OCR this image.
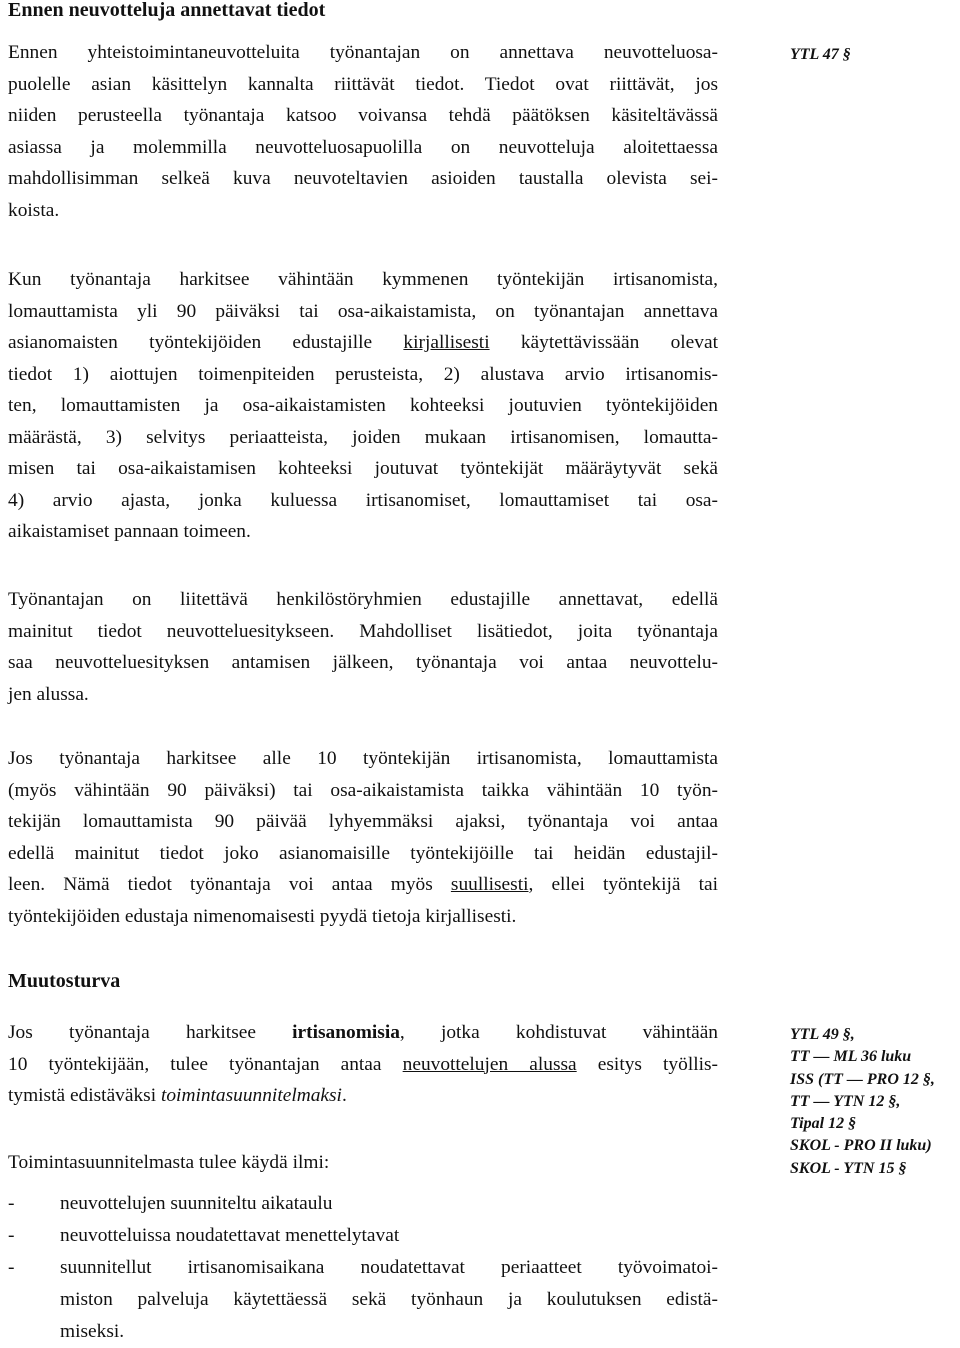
Ennen neuvotteluja annettavat tiedot
YTL 47 §
Ennen yhteistoimintaneuvotteluita työnantajan on annettava neuvotteluosa-
puolelle asian käsittelyn kannalta riittävät tiedot. Tiedot ovat riittävät, jos
niiden perusteella työnantaja katsoo voivansa tehdä päätöksen käsiteltävässä
asiassa ja molemmilla neuvotteluosapuolilla on neuvotteluja aloitettaessa
mahdollisimman selkeä kuva neuvoteltavien asioiden taustalla olevista sei-
koista.
Kun työnantaja harkitsee vähintään kymmenen työntekijän irtisanomista,
lomauttamista yli 90 päiväksi tai osa-aikaistamista, on työnantajan annettava
asianomaisten työntekijöiden edustajille kirjallisesti käytettävissään olevat
tiedot 1) aiottujen toimenpiteiden perusteista, 2) alustava arvio irtisanomis-
ten, lomauttamisten ja osa-aikaistamisten kohteeksi joutuvien työntekijöiden
määrästä, 3) selvitys periaatteista, joiden mukaan irtisanomisen, lomautta-
misen tai osa-aikaistamisen kohteeksi joutuvat työntekijät määräytyvät sekä
4) arvio ajasta, jonka kuluessa irtisanomiset, lomauttamiset tai osa-
aikaistamiset pannaan toimeen.
Työnantajan on liitettävä henkilöstöryhmien edustajille annettavat, edellä
mainitut tiedot neuvotteluesitykseen. Mahdolliset lisätiedot, joita työnantaja
saa neuvotteluesityksen antamisen jälkeen, työnantaja voi antaa neuvottelu-
jen alussa.
Jos työnantaja harkitsee alle 10 työntekijän irtisanomista, lomauttamista
(myös vähintään 90 päiväksi) tai osa-aikaistamista taikka vähintään 10 työn-
tekijän lomauttamista 90 päivää lyhyemmäksi ajaksi, työnantaja voi antaa
edellä mainitut tiedot joko asianomaisille työntekijöille tai heidän edustajil-
leen. Nämä tiedot työnantaja voi antaa myös suullisesti, ellei työntekijä tai
työntekijöiden edustaja nimenomaisesti pyydä tietoja kirjallisesti.
Muutosturva
YTL 49 §,
TT — ML 36 luku
ISS (TT — PRO 12 §,
TT — YTN 12 §,
Tipal 12 §
SKOL - PRO II luku)
SKOL - YTN 15 §
Jos työnantaja harkitsee irtisanomisia, jotka kohdistuvat vähintään
10 työntekijään, tulee työnantajan antaa neuvottelujen alussa esitys työllis-
tymistä edistäväksi toimintasuunnitelmaksi.
Toimintasuunnitelmasta tulee käydä ilmi:
- neuvottelujen suunniteltu aikataulu
- neuvotteluissa noudatettavat menettelytavat
- suunnitellut irtisanomisaikana noudatettavat periaatteet työvoimatoi-
miston palveluja käytettäessä sekä työnhaun ja koulutuksen edistä-
miseksi.
